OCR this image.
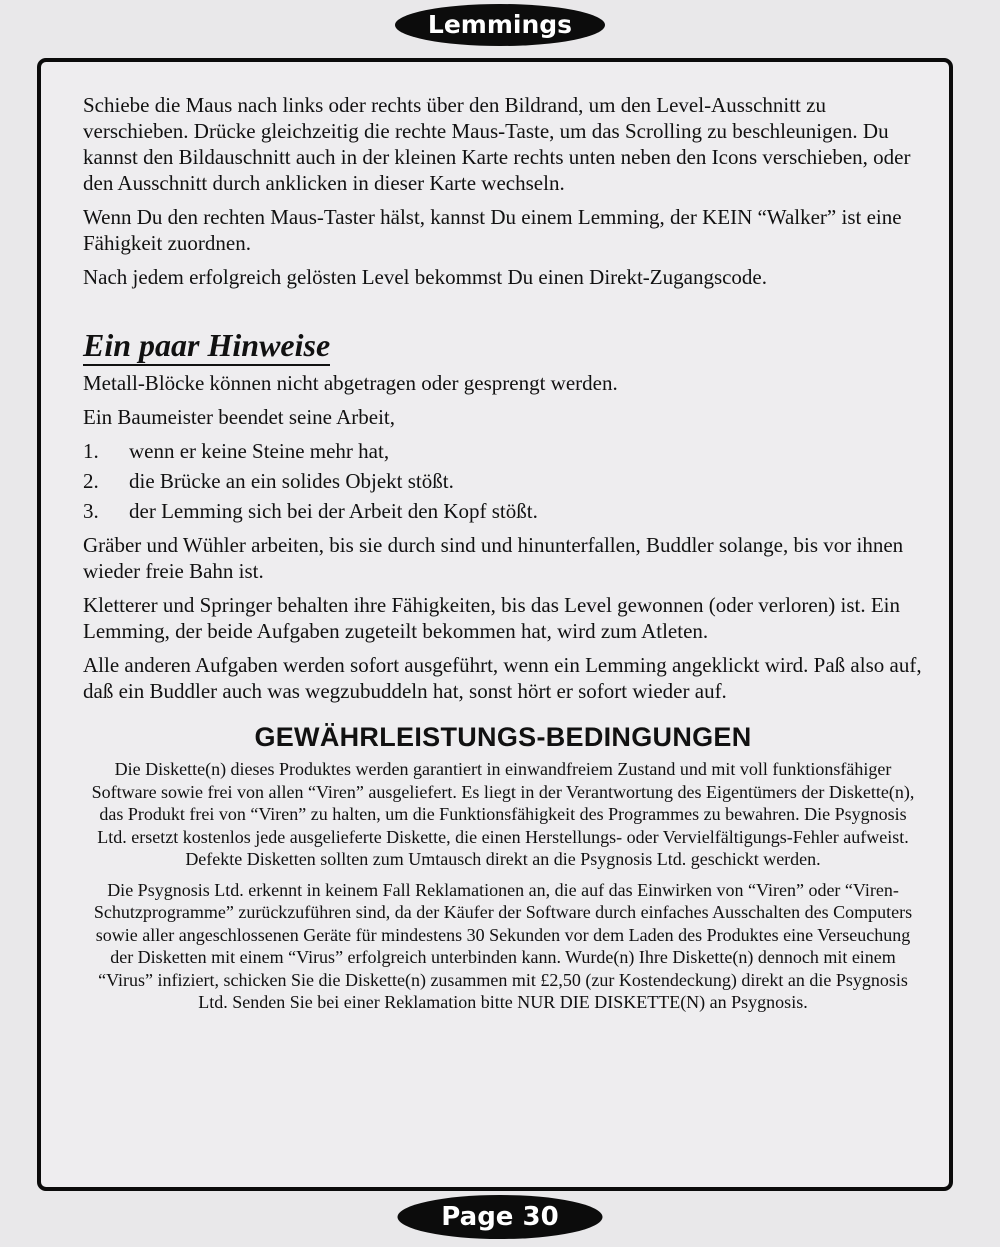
Lemmings

Schiebe die Maus nach links oder rechts über den Bildrand, um den Level-Ausschnitt zu verschieben. Drücke gleichzeitig die rechte Maus-Taste, um das Scrolling zu beschleunigen. Du kannst den Bildauschnitt auch in der kleinen Karte rechts unten neben den Icons verschieben, oder den Ausschnitt durch anklicken in dieser Karte wechseln.

Wenn Du den rechten Maus-Taster hälst, kannst Du einem Lemming, der KEIN “Walker” ist eine Fähigkeit zuordnen.

Nach jedem erfolgreich gelösten Level bekommst Du einen Direkt-Zugangscode.

Ein paar Hinweise

Metall-Blöcke können nicht abgetragen oder gesprengt werden.

Ein Baumeister beendet seine Arbeit,

1.	wenn er keine Steine mehr hat,
2.	die Brücke an ein solides Objekt stößt.
3.	der Lemming sich bei der Arbeit den Kopf stößt.

Gräber und Wühler arbeiten, bis sie durch sind und hinunterfallen, Buddler solange, bis vor ihnen wieder freie Bahn ist.

Kletterer und Springer behalten ihre Fähigkeiten, bis das Level gewonnen (oder verloren) ist. Ein Lemming, der beide Aufgaben zugeteilt bekommen hat, wird zum Atleten.

Alle anderen Aufgaben werden sofort ausgeführt, wenn ein Lemming angeklickt wird. Paß also auf, daß ein Buddler auch was wegzubuddeln hat, sonst hört er sofort wieder auf.

GEWÄHRLEISTUNGS-BEDINGUNGEN

Die Diskette(n) dieses Produktes werden garantiert in einwandfreiem Zustand und mit voll funktionsfähiger Software sowie frei von allen “Viren” ausgeliefert. Es liegt in der Verantwortung des Eigentümers der Diskette(n), das Produkt frei von “Viren” zu halten, um die Funktionsfähigkeit des Programmes zu bewahren. Die Psygnosis Ltd. ersetzt kostenlos jede ausgelieferte Diskette, die einen Herstellungs- oder Vervielfältigungs-Fehler aufweist. Defekte Disketten sollten zum Umtausch direkt an die Psygnosis Ltd. geschickt werden.

Die Psygnosis Ltd. erkennt in keinem Fall Reklamationen an, die auf das Einwirken von “Viren” oder “Viren-Schutzprogramme” zurückzuführen sind, da der Käufer der Software durch einfaches Ausschalten des Computers sowie aller angeschlossenen Geräte für mindestens 30 Sekunden vor dem Laden des Produktes eine Verseuchung der Disketten mit einem “Virus” erfolgreich unterbinden kann. Wurde(n) Ihre Diskette(n) dennoch mit einem “Virus” infiziert, schicken Sie die Diskette(n) zusammen mit £2,50 (zur Kostendeckung) direkt an die Psygnosis Ltd. Senden Sie bei einer Reklamation bitte NUR DIE DISKETTE(N) an Psygnosis.

Page 30
